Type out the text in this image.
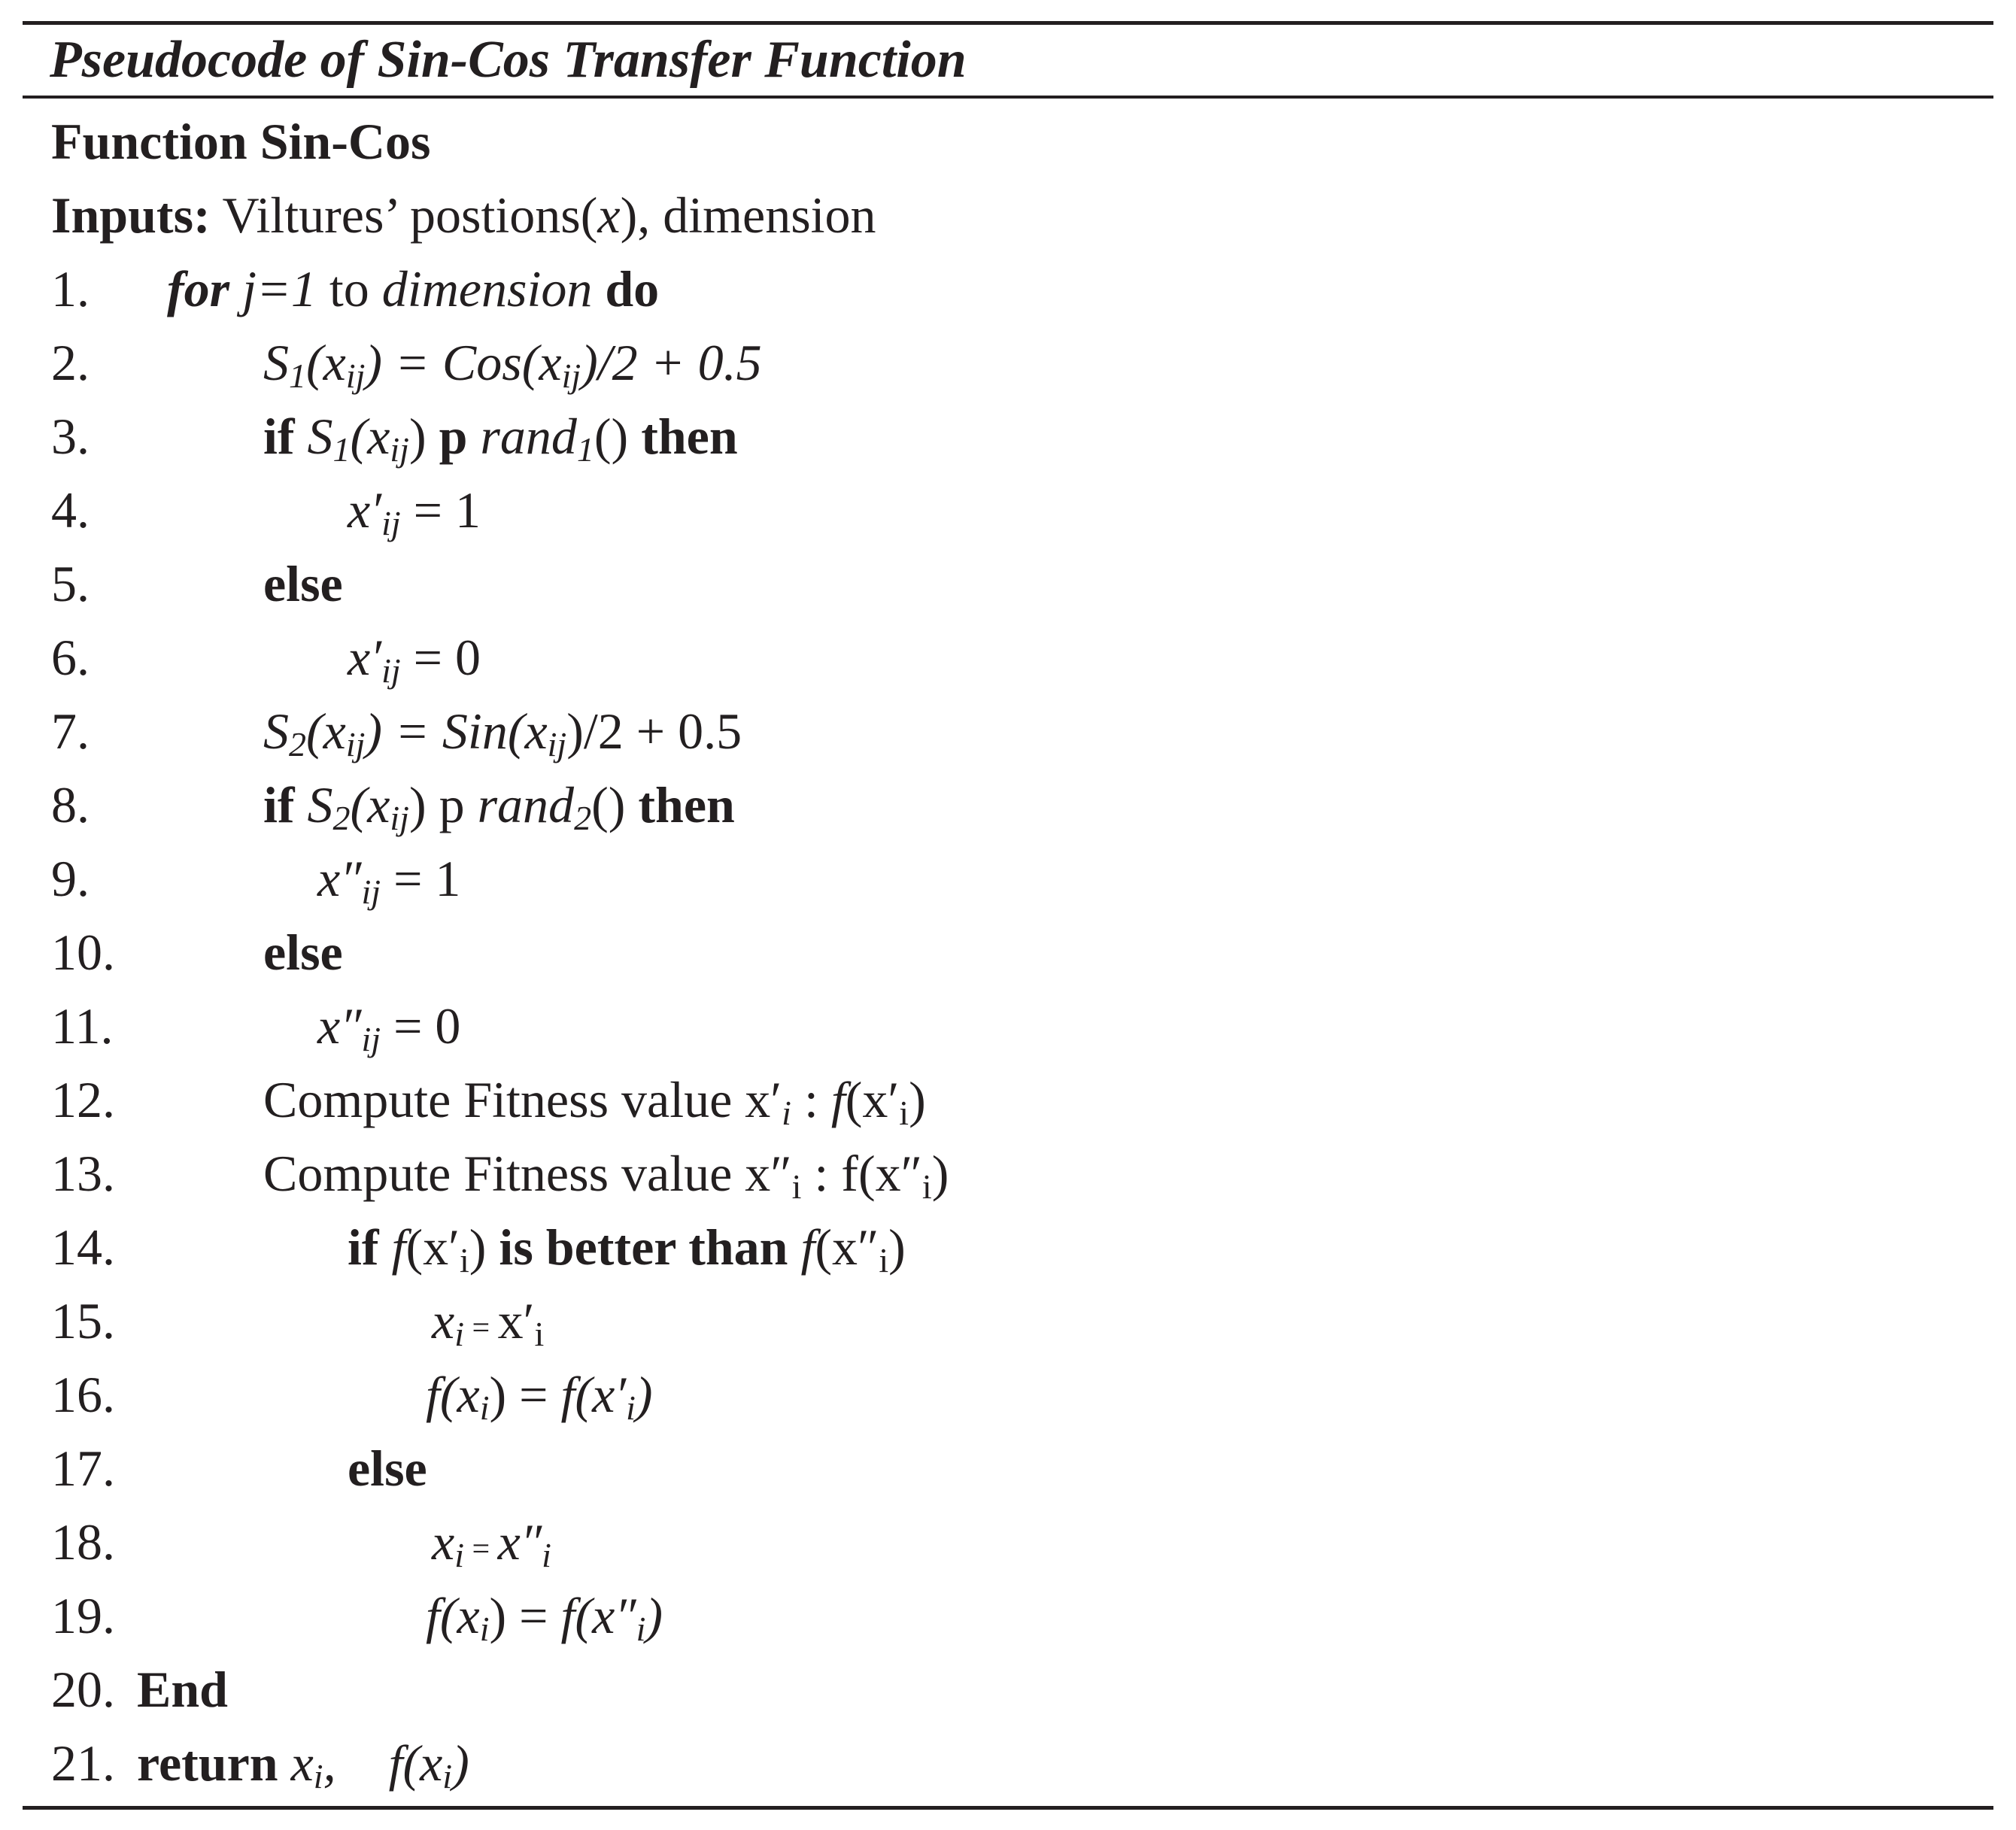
Pseudocode of Sin-Cos Transfer Function
Function Sin-Cos
Inputs: Viltures’ postions(x), dimension
1. for j=1 to dimension do
2.	S1(xij) = Cos(xij)/2 + 0.5
3.	if S1(xij) p rand1() then
4.	x′ij = 1
5.	else
6.	x′ij = 0
7.	S2(xij) = Sin(xij)/2 + 0.5
8.	if S2(xij) p rand2() then
9.	x″ij = 1
10.	else
11.	x″ij = 0
12.	Compute Fitness value x′i : f(x′i)
13.	Compute Fitness value x″i : f(x″i)
14.	if f(x′i) is better than f(x″i)
15.	xi = x′i
16.	f(xi) = f(x′i)
17.	else
18.	xi = x″i
19.	f(xi) = f(x″i)
20. End
21. return xi, f(xi)
